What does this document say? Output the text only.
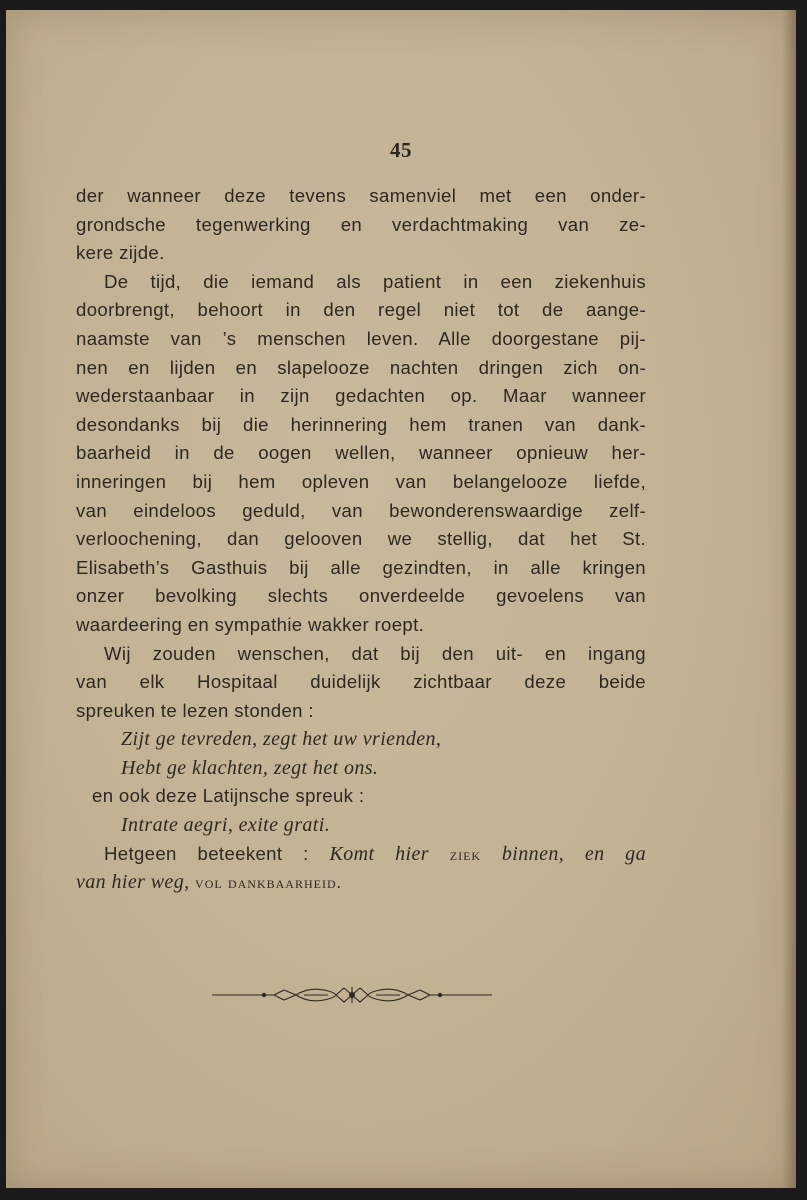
45
der wanneer deze tevens samenviel met een onder-
grondsche tegenwerking en verdachtmaking van ze-
kere zijde.
De tijd, die iemand als patient in een ziekenhuis
doorbrengt, behoort in den regel niet tot de aange-
naamste van ’s menschen leven. Alle doorgestane pij-
nen en lijden en slapelooze nachten dringen zich on-
wederstaanbaar in zijn gedachten op. Maar wanneer
desondanks bij die herinnering hem tranen van dank-
baarheid in de oogen wellen, wanneer opnieuw her-
inneringen bij hem opleven van belangelooze liefde,
van eindeloos geduld, van bewonderenswaardige zelf-
verloochening, dan gelooven we stellig, dat het St.
Elisabeth’s Gasthuis bij alle gezindten, in alle kringen
onzer bevolking slechts onverdeelde gevoelens van
waardeering en sympathie wakker roept.
Wij zouden wenschen, dat bij den uit- en ingang
van elk Hospitaal duidelijk zichtbaar deze beide
spreuken te lezen stonden :
Zijt ge tevreden, zegt het uw vrienden,
Hebt ge klachten, zegt het ons.
en ook deze Latijnsche spreuk :
Intrate aegri, exite grati.
Hetgeen beteekent : Komt hier ziek binnen, en ga
van hier weg, vol dankbaarheid.
